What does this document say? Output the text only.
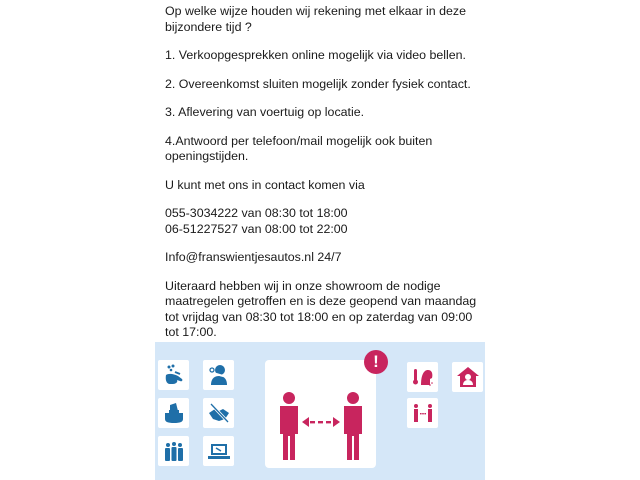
Op welke wijze houden wij rekening met elkaar in deze bijzondere tijd ?

1. Verkoopgesprekken online mogelijk via video bellen.

2. Overeenkomst sluiten mogelijk zonder fysiek contact.

3. Aflevering van voertuig op locatie.

4.Antwoord per telefoon/mail mogelijk ook buiten openingstijden.

U kunt met ons in contact komen via

055-3034222 van 08:30 tot 18:00

06-51227527 van 08:00 tot 22:00

Info@franswientjesautos.nl 24/7

Uiteraard hebben wij in onze showroom de nodige maatregelen getroffen en is deze geopend van maandag tot vrijdag van 08:30 tot 18:00 en op zaterdag van 09:00 tot 17:00.

!
